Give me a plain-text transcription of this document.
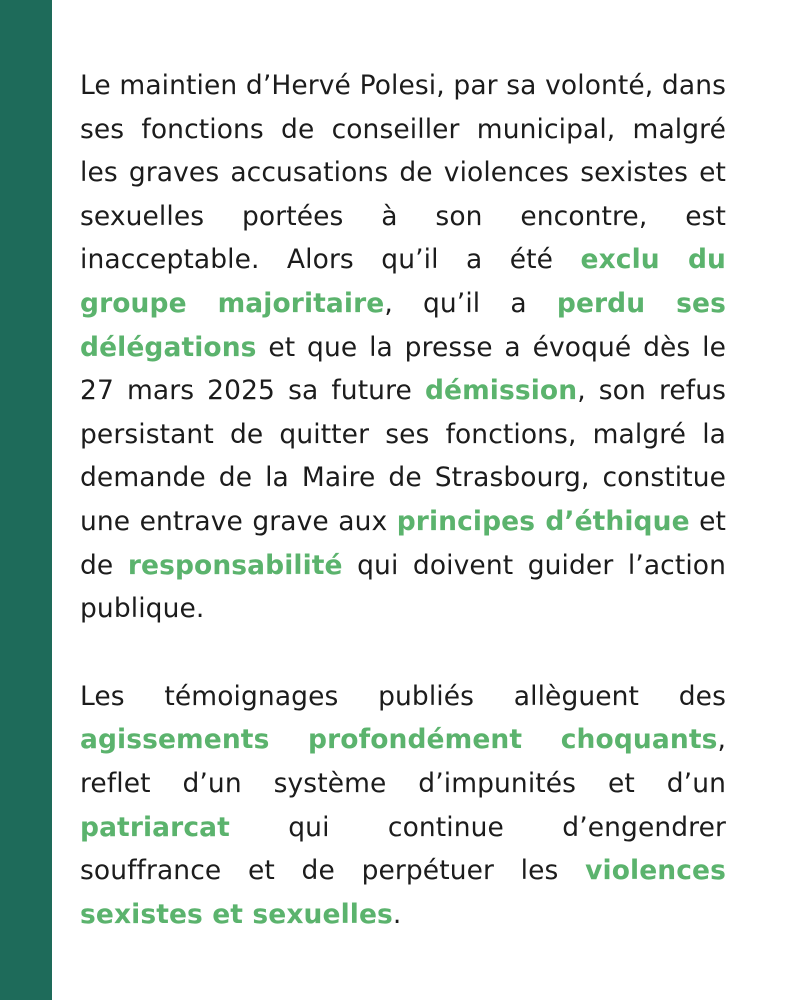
Le maintien d’Hervé Polesi, par sa volonté, dans ses fonctions de conseiller municipal, malgré les graves accusations de violences sexistes et sexuelles portées à son encontre, est inacceptable. Alors qu’il a été exclu du groupe majoritaire, qu’il a perdu ses délégations et que la presse a évoqué dès le 27 mars 2025 sa future démission, son refus persistant de quitter ses fonctions, malgré la demande de la Maire de Strasbourg, constitue une entrave grave aux principes d’éthique et de responsabilité qui doivent guider l’action publique.

Les témoignages publiés allèguent des agissements profondément choquants, reflet d’un système d’impunités et d’un patriarcat qui continue d’engendrer souffrance et de perpétuer les violences sexistes et sexuelles.
